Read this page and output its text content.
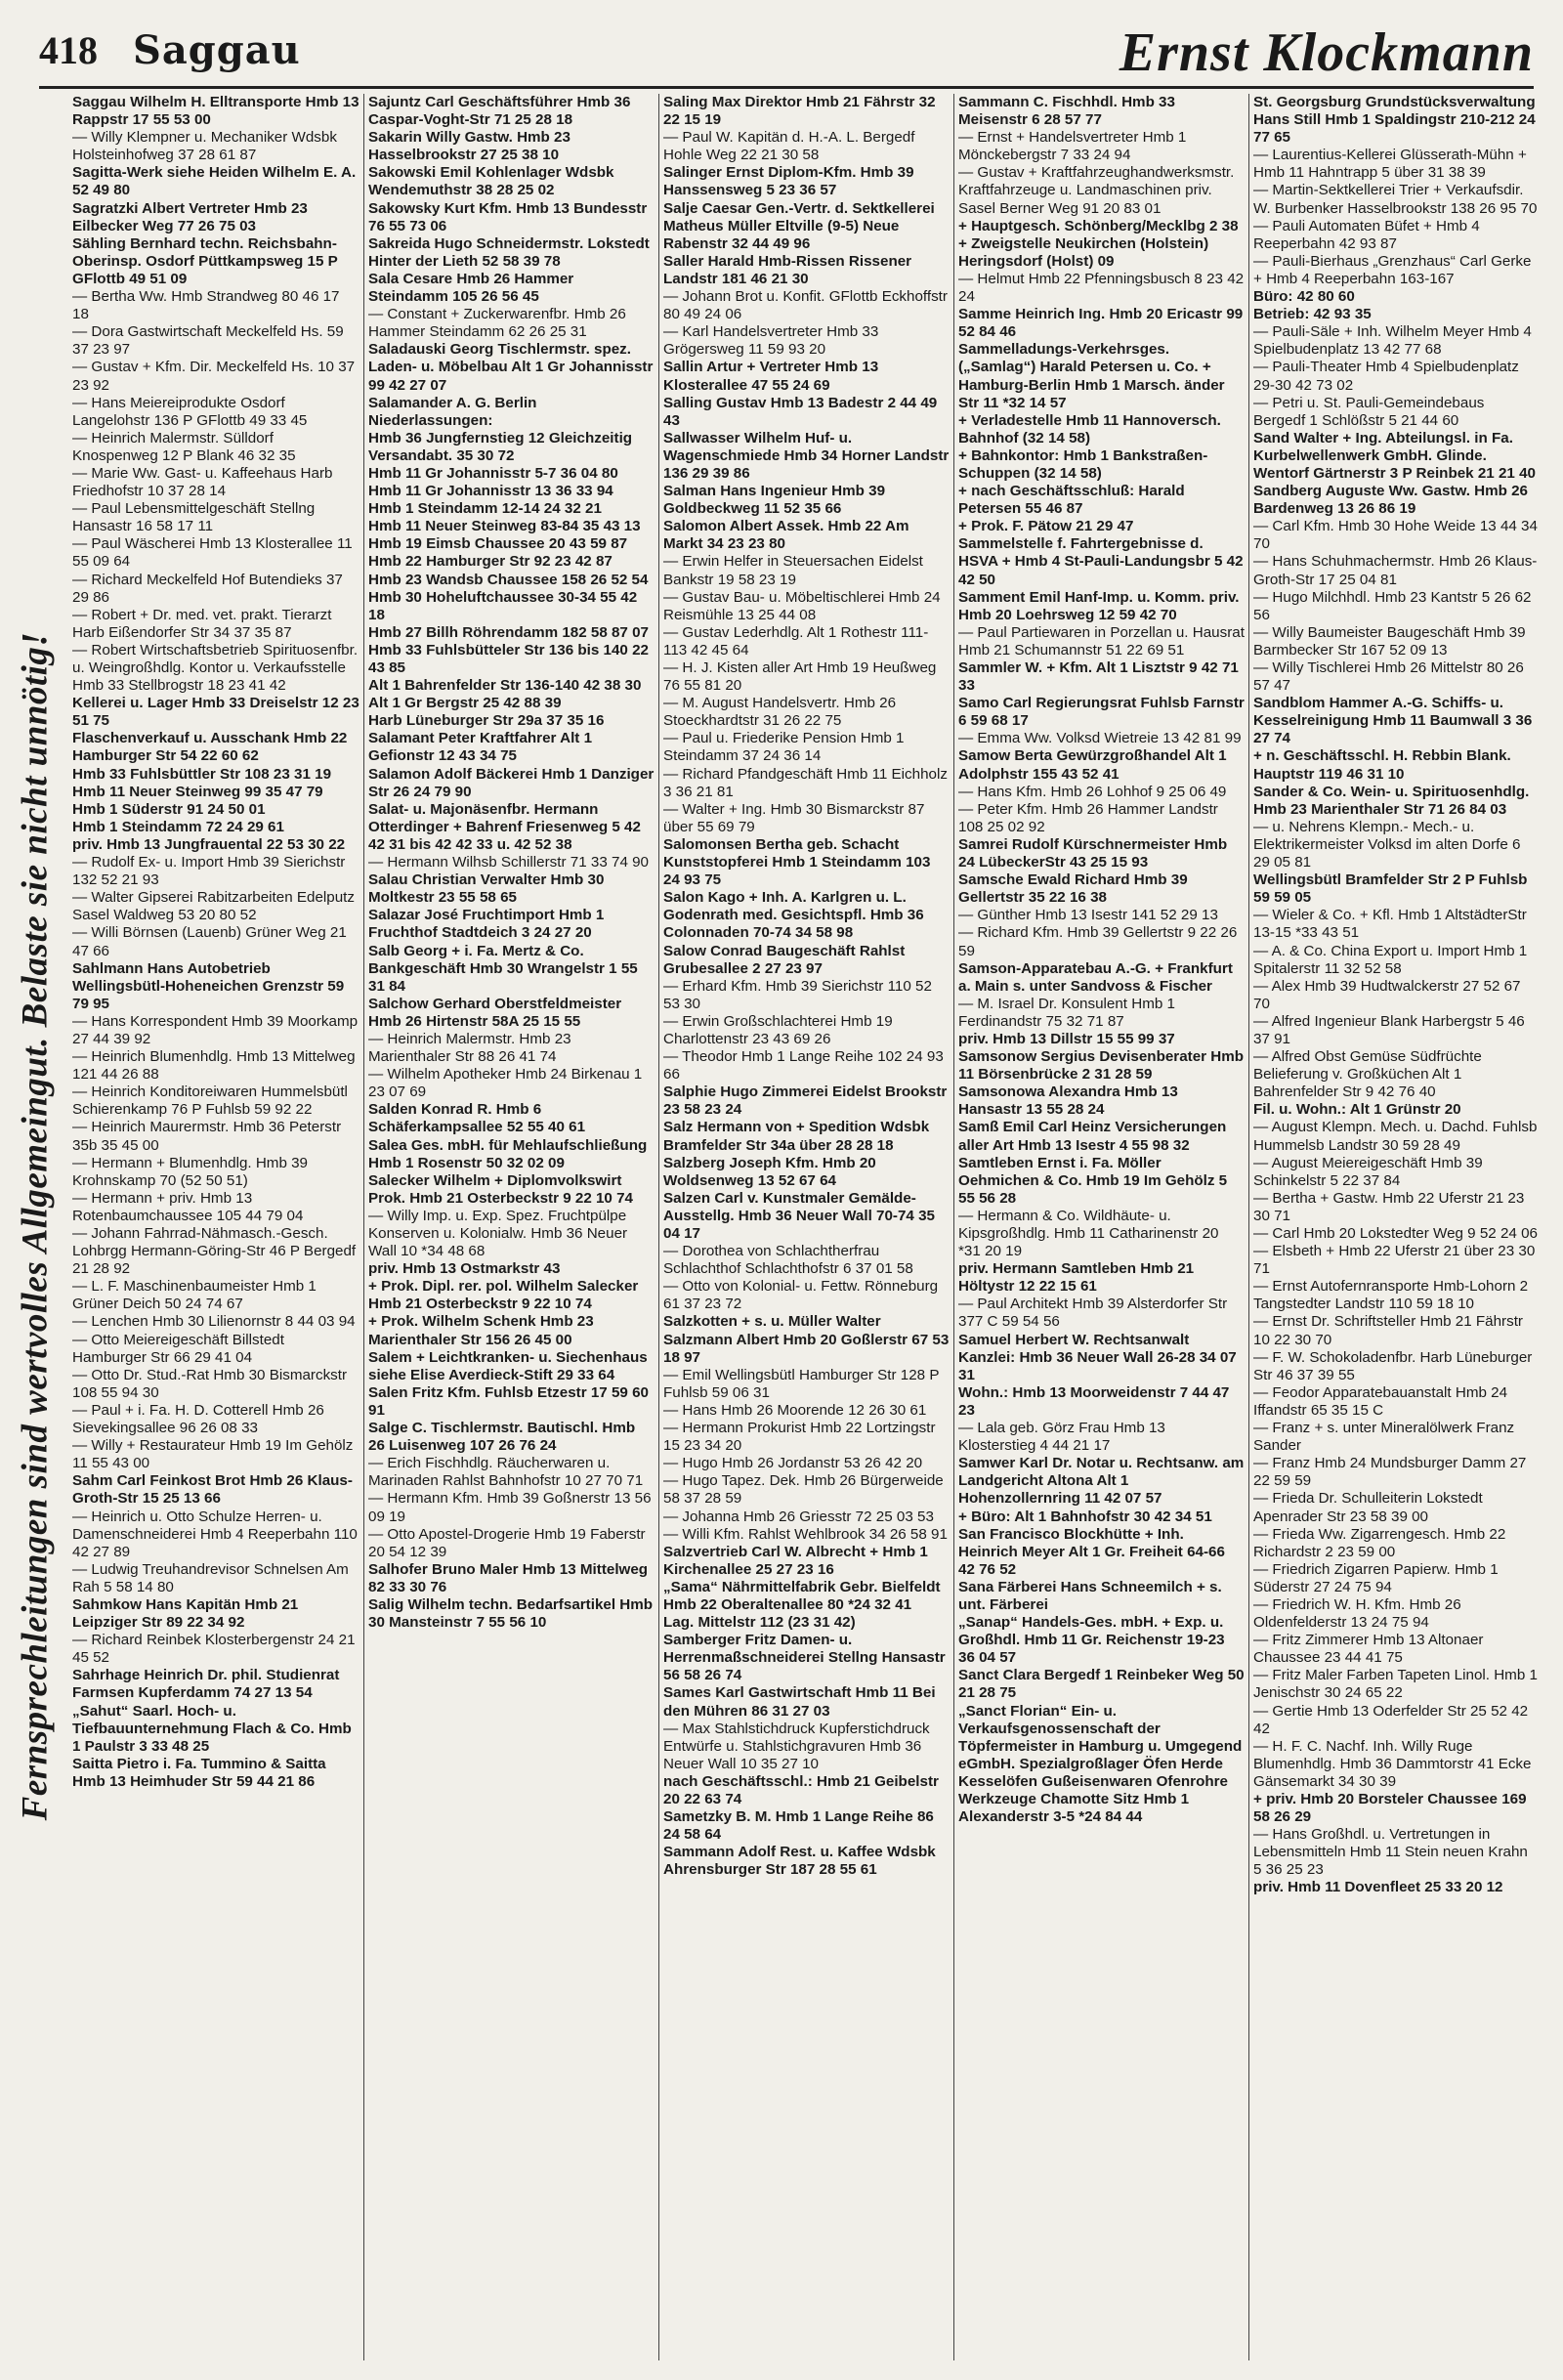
418 Saggau	Ernst Klockmann
Fernsprechleitungen sind wertvolles Allgemeingut. Belaste sie nicht unnötig!
Saggau Wilhelm H. Elltransporte Hmb 13 Rappstr 17 55 53 00
— Willy Klempner u. Mechaniker Wdsbk Holsteinhofweg 37 28 61 87
Sagitta-Werk siehe Heiden Wilhelm E. A. 52 49 80
Sagratzki Albert Vertreter Hmb 23 Eilbecker Weg 77 26 75 03
Sähling Bernhard techn. Reichsbahn-Oberinsp. Osdorf Püttkampsweg 15 P GFlottb 49 51 09
— Bertha Ww. Hmb Strandweg 80 46 17 18
— Dora Gastwirtschaft Meckelfeld Hs. 59 37 23 97
— Gustav + Kfm. Dir. Meckelfeld Hs. 10 37 23 92
— Hans Meiereiprodukte Osdorf Langelohstr 136 P GFlottb 49 33 45
— Heinrich Malermstr. Sülldorf Knospenweg 12 P Blank 46 32 35
— Marie Ww. Gast- u. Kaffeehaus Harb Friedhofstr 10 37 28 14
— Paul Lebensmittelgeschäft Stellng Hansastr 16 58 17 11
— Paul Wäscherei Hmb 13 Klosterallee 11 55 09 64
— Richard Meckelfeld Hof Butendieks 37 29 86
— Robert + Dr. med. vet. prakt. Tierarzt Harb Eißendorfer Str 34 37 35 87
— Robert Wirtschaftsbetrieb Spirituosenfbr. u. Weingroßhdlg. Kontor u. Verkaufsstelle Hmb 33 Stellbrogstr 18 23 41 42
Kellerei u. Lager Hmb 33 Dreiselstr 12 23 51 75
Flaschenverkauf u. Ausschank Hmb 22 Hamburger Str 54 22 60 62
Hmb 33 Fuhlsbüttler Str 108 23 31 19
Hmb 11 Neuer Steinweg 99 35 47 79
Hmb 1 Süderstr 91 24 50 01
Hmb 1 Steindamm 72 24 29 61
priv. Hmb 13 Jungfrauental 22 53 30 22
— Rudolf Ex- u. Import Hmb 39 Sierichstr 132 52 21 93
— Walter Gipserei Rabitzarbeiten Edelputz Sasel Waldweg 53 20 80 52
— Willi Börnsen (Lauenb) Grüner Weg 21 47 66
Sahlmann Hans Autobetrieb Wellingsbütl-Hoheneichen Grenzstr 59 79 95
— Hans Korrespondent Hmb 39 Moorkamp 27 44 39 92
— Heinrich Blumenhdlg. Hmb 13 Mittelweg 121 44 26 88
— Heinrich Konditoreiwaren Hummelsbütl Schierenkamp 76 P Fuhlsb 59 92 22
— Heinrich Maurermstr. Hmb 36 Peterstr 35b 35 45 00
— Hermann + Blumenhdlg. Hmb 39 Krohnskamp 70 (52 50 51)
— Hermann + priv. Hmb 13 Rotenbaumchaussee 105 44 79 04
— Johann Fahrrad-Nähmasch.-Gesch. Lohbrgg Hermann-Göring-Str 46 P Bergedf 21 28 92
— L. F. Maschinenbaumeister Hmb 1 Grüner Deich 50 24 74 67
— Lenchen Hmb 30 Lilienornstr 8 44 03 94
— Otto Meiereigeschäft Billstedt Hamburger Str 66 29 41 04
— Otto Dr. Stud.-Rat Hmb 30 Bismarckstr 108 55 94 30
— Paul + i. Fa. H. D. Cotterell Hmb 26 Sievekingsallee 96 26 08 33
— Willy + Restaurateur Hmb 19 Im Gehölz 11 55 43 00
Sahm Carl Feinkost Brot Hmb 26 Klaus-Groth-Str 15 25 13 66
— Heinrich u. Otto Schulze Herren- u. Damenschneiderei Hmb 4 Reeperbahn 110 42 27 89
— Ludwig Treuhandrevisor Schnelsen Am Rah 5 58 14 80
Sahmkow Hans Kapitän Hmb 21 Leipziger Str 89 22 34 92
— Richard Reinbek Klosterbergenstr 24 21 45 52
Sahrhage Heinrich Dr. phil. Studienrat Farmsen Kupferdamm 74 27 13 54
„Sahut“ Saarl. Hoch- u. Tiefbauunternehmung Flach & Co. Hmb 1 Paulstr 3 33 48 25
Saitta Pietro i. Fa. Tummino & Saitta Hmb 13 Heimhuder Str 59 44 21 86
Sajuntz Carl Geschäftsführer Hmb 36 Caspar-Voght-Str 71 25 28 18
Sakarin Willy Gastw. Hmb 23 Hasselbrookstr 27 25 38 10
Sakowski Emil Kohlenlager Wdsbk Wendemuthstr 38 28 25 02
Sakowsky Kurt Kfm. Hmb 13 Bundesstr 76 55 73 06
Sakreida Hugo Schneidermstr. Lokstedt Hinter der Lieth 52 58 39 78
Sala Cesare Hmb 26 Hammer Steindamm 105 26 56 45
— Constant + Zuckerwarenfbr. Hmb 26 Hammer Steindamm 62 26 25 31
Saladauski Georg Tischlermstr. spez. Laden- u. Möbelbau Alt 1 Gr Johannisstr 99 42 27 07
Salamander A. G. Berlin Niederlassungen:
Hmb 36 Jungfernstieg 12 Gleichzeitig Versandabt. 35 30 72
Hmb 11 Gr Johannisstr 5-7 36 04 80
Hmb 11 Gr Johannisstr 13 36 33 94
Hmb 1 Steindamm 12-14 24 32 21
Hmb 11 Neuer Steinweg 83-84 35 43 13
Hmb 19 Eimsb Chaussee 20 43 59 87
Hmb 22 Hamburger Str 92 23 42 87
Hmb 23 Wandsb Chaussee 158 26 52 54
Hmb 30 Hoheluftchaussee 30-34 55 42 18
Hmb 27 Billh Röhrendamm 182 58 87 07
Hmb 33 Fuhlsbütteler Str 136 bis 140 22 43 85
Alt 1 Bahrenfelder Str 136-140 42 38 30
Alt 1 Gr Bergstr 25 42 88 39
Harb Lüneburger Str 29a 37 35 16
Salamant Peter Kraftfahrer Alt 1 Gefionstr 12 43 34 75
Salamon Adolf Bäckerei Hmb 1 Danziger Str 26 24 79 90
Salat- u. Majonäsenfbr. Hermann Otterdinger + Bahrenf Friesenweg 5 42 42 31 bis 42 42 33 u. 42 52 38
— Hermann Wilhsb Schillerstr 71 33 74 90
Salau Christian Verwalter Hmb 30 Moltkestr 23 55 58 65
Salazar José Fruchtimport Hmb 1 Fruchthof Stadtdeich 3 24 27 20
Salb Georg + i. Fa. Mertz & Co. Bankgeschäft Hmb 30 Wrangelstr 1 55 31 84
Salchow Gerhard Oberstfeldmeister Hmb 26 Hirtenstr 58A 25 15 55
— Heinrich Malermstr. Hmb 23 Marienthaler Str 88 26 41 74
— Wilhelm Apotheker Hmb 24 Birkenau 1 23 07 69
Salden Konrad R. Hmb 6 Schäferkampsallee 52 55 40 61
Salea Ges. mbH. für Mehlaufschließung Hmb 1 Rosenstr 50 32 02 09
Salecker Wilhelm + Diplomvolkswirt Prok. Hmb 21 Osterbeckstr 9 22 10 74
— Willy Imp. u. Exp. Spez. Fruchtpülpe Konserven u. Kolonialw. Hmb 36 Neuer Wall 10 *34 48 68
priv. Hmb 13 Ostmarkstr 43
+ Prok. Dipl. rer. pol. Wilhelm Salecker Hmb 21 Osterbeckstr 9 22 10 74
+ Prok. Wilhelm Schenk Hmb 23 Marienthaler Str 156 26 45 00
Salem + Leichtkranken- u. Siechenhaus siehe Elise Averdieck-Stift 29 33 64
Salen Fritz Kfm. Fuhlsb Etzestr 17 59 60 91
Salge C. Tischlermstr. Bautischl. Hmb 26 Luisenweg 107 26 76 24
— Erich Fischhdlg. Räucherwaren u. Marinaden Rahlst Bahnhofstr 10 27 70 71
— Hermann Kfm. Hmb 39 Goßnerstr 13 56 09 19
— Otto Apostel-Drogerie Hmb 19 Faberstr 20 54 12 39
Salhofer Bruno Maler Hmb 13 Mittelweg 82 33 30 76
Salig Wilhelm techn. Bedarfsartikel Hmb 30 Mansteinstr 7 55 56 10
Saling Max Direktor Hmb 21 Fährstr 32 22 15 19
— Paul W. Kapitän d. H.-A. L. Bergedf Hohle Weg 22 21 30 58
Salinger Ernst Diplom-Kfm. Hmb 39 Hanssensweg 5 23 36 57
Salje Caesar Gen.-Vertr. d. Sektkellerei Matheus Müller Eltville (9-5) Neue Rabenstr 32 44 49 96
Saller Harald Hmb-Rissen Rissener Landstr 181 46 21 30
— Johann Brot u. Konfit. GFlottb Eckhoffstr 80 49 24 06
— Karl Handelsvertreter Hmb 33 Grögersweg 11 59 93 20
Sallin Artur + Vertreter Hmb 13 Klosterallee 47 55 24 69
Salling Gustav Hmb 13 Badestr 2 44 49 43
Sallwasser Wilhelm Huf- u. Wagenschmiede Hmb 34 Horner Landstr 136 29 39 86
Salman Hans Ingenieur Hmb 39 Goldbeckweg 11 52 35 66
Salomon Albert Assek. Hmb 22 Am Markt 34 23 23 80
— Erwin Helfer in Steuersachen Eidelst Bankstr 19 58 23 19
— Gustav Bau- u. Möbeltischlerei Hmb 24 Reismühle 13 25 44 08
— Gustav Lederhdlg. Alt 1 Rothestr 111-113 42 45 64
— H. J. Kisten aller Art Hmb 19 Heußweg 76 55 81 20
— M. August Handelsvertr. Hmb 26 Stoeckhardtstr 31 26 22 75
— Paul u. Friederike Pension Hmb 1 Steindamm 37 24 36 14
— Richard Pfandgeschäft Hmb 11 Eichholz 3 36 21 81
— Walter + Ing. Hmb 30 Bismarckstr 87 über 55 69 79
Salomonsen Bertha geb. Schacht Kunststopferei Hmb 1 Steindamm 103 24 93 75
Salon Kago + Inh. A. Karlgren u. L. Godenrath med. Gesichtspfl. Hmb 36 Colonnaden 70-74 34 58 98
Salow Conrad Baugeschäft Rahlst Grubesallee 2 27 23 97
— Erhard Kfm. Hmb 39 Sierichstr 110 52 53 30
— Erwin Großschlachterei Hmb 19 Charlottenstr 23 43 69 26
— Theodor Hmb 1 Lange Reihe 102 24 93 66
Salphie Hugo Zimmerei Eidelst Brookstr 23 58 23 24
Salz Hermann von + Spedition Wdsbk Bramfelder Str 34a über 28 28 18
Salzberg Joseph Kfm. Hmb 20 Woldsenweg 13 52 67 64
Salzen Carl v. Kunstmaler Gemälde-Ausstellg. Hmb 36 Neuer Wall 70-74 35 04 17
— Dorothea von Schlachtherfrau Schlachthof Schlachthofstr 6 37 01 58
— Otto von Kolonial- u. Fettw. Rönneburg 61 37 23 72
Salzkotten + s. u. Müller Walter
Salzmann Albert Hmb 20 Goßlerstr 67 53 18 97
— Emil Wellingsbütl Hamburger Str 128 P Fuhlsb 59 06 31
— Hans Hmb 26 Moorende 12 26 30 61
— Hermann Prokurist Hmb 22 Lortzingstr 15 23 34 20
— Hugo Hmb 26 Jordanstr 53 26 42 20
— Hugo Tapez. Dek. Hmb 26 Bürgerweide 58 37 28 59
— Johanna Hmb 26 Griesstr 72 25 03 53
— Willi Kfm. Rahlst Wehlbrook 34 26 58 91
Salzvertrieb Carl W. Albrecht + Hmb 1 Kirchenallee 25 27 23 16
„Sama“ Nährmittelfabrik Gebr. Bielfeldt Hmb 22 Oberaltenallee 80 *24 32 41
Lag. Mittelstr 112 (23 31 42)
Samberger Fritz Damen- u. Herrenmaßschneiderei Stellng Hansastr 56 58 26 74
Sames Karl Gastwirtschaft Hmb 11 Bei den Mühren 86 31 27 03
— Max Stahlstichdruck Kupferstichdruck Entwürfe u. Stahlstichgravuren Hmb 36 Neuer Wall 10 35 27 10
nach Geschäftsschl.: Hmb 21 Geibelstr 20 22 63 74
Sametzky B. M. Hmb 1 Lange Reihe 86 24 58 64
Sammann Adolf Rest. u. Kaffee Wdsbk Ahrensburger Str 187 28 55 61
Sammann C. Fischhdl. Hmb 33 Meisenstr 6 28 57 77
— Ernst + Handelsvertreter Hmb 1 Mönckebergstr 7 33 24 94
— Gustav + Kraftfahrzeughandwerksmstr. Kraftfahrzeuge u. Landmaschinen priv. Sasel Berner Weg 91 20 83 01
+ Hauptgesch. Schönberg/Mecklbg 2 38
+ Zweigstelle Neukirchen (Holstein) Heringsdorf (Holst) 09
— Helmut Hmb 22 Pfenningsbusch 8 23 42 24
Samme Heinrich Ing. Hmb 20 Ericastr 99 52 84 46
Sammelladungs-Verkehrsges. („Samlag“) Harald Petersen u. Co. + Hamburg-Berlin Hmb 1 Marsch. änder Str 11 *32 14 57
+ Verladestelle Hmb 11 Hannoversch. Bahnhof (32 14 58)
+ Bahnkontor: Hmb 1 Bankstraßen-Schuppen (32 14 58)
+ nach Geschäftsschluß: Harald Petersen 55 46 87
+ Prok. F. Pätow 21 29 47
Sammelstelle f. Fahrtergebnisse d. HSVA + Hmb 4 St-Pauli-Landungsbr 5 42 42 50
Samment Emil Hanf-Imp. u. Komm. priv. Hmb 20 Loehrsweg 12 59 42 70
— Paul Partiewaren in Porzellan u. Hausrat Hmb 21 Schumannstr 51 22 69 51
Sammler W. + Kfm. Alt 1 Lisztstr 9 42 71 33
Samo Carl Regierungsrat Fuhlsb Farnstr 6 59 68 17
— Emma Ww. Volksd Wietreie 13 42 81 99
Samow Berta Gewürzgroßhandel Alt 1 Adolphstr 155 43 52 41
— Hans Kfm. Hmb 26 Lohhof 9 25 06 49
— Peter Kfm. Hmb 26 Hammer Landstr 108 25 02 92
Samrei Rudolf Kürschnermeister Hmb 24 LübeckerStr 43 25 15 93
Samsche Ewald Richard Hmb 39 Gellertstr 35 22 16 38
— Günther Hmb 13 Isestr 141 52 29 13
— Richard Kfm. Hmb 39 Gellertstr 9 22 26 59
Samson-Apparatebau A.-G. + Frankfurt a. Main s. unter Sandvoss & Fischer
— M. Israel Dr. Konsulent Hmb 1 Ferdinandstr 75 32 71 87
priv. Hmb 13 Dillstr 15 55 99 37
Samsonow Sergius Devisenberater Hmb 11 Börsenbrücke 2 31 28 59
Samsonowa Alexandra Hmb 13 Hansastr 13 55 28 24
Samß Emil Carl Heinz Versicherungen aller Art Hmb 13 Isestr 4 55 98 32
Samtleben Ernst i. Fa. Möller Oehmichen & Co. Hmb 19 Im Gehölz 5 55 56 28
— Hermann & Co. Wildhäute- u. Kipsgroßhdlg. Hmb 11 Catharinenstr 20 *31 20 19
priv. Hermann Samtleben Hmb 21 Höltystr 12 22 15 61
— Paul Architekt Hmb 39 Alsterdorfer Str 377 C 59 54 56
Samuel Herbert W. Rechtsanwalt Kanzlei: Hmb 36 Neuer Wall 26-28 34 07 31
Wohn.: Hmb 13 Moorweidenstr 7 44 47 23
— Lala geb. Görz Frau Hmb 13 Klosterstieg 4 44 21 17
Samwer Karl Dr. Notar u. Rechtsanw. am Landgericht Altona Alt 1 Hohenzollernring 11 42 07 57
+ Büro: Alt 1 Bahnhofstr 30 42 34 51
San Francisco Blockhütte + Inh. Heinrich Meyer Alt 1 Gr. Freiheit 64-66 42 76 52
Sana Färberei Hans Schneemilch + s. unt. Färberei
„Sanap“ Handels-Ges. mbH. + Exp. u. Großhdl. Hmb 11 Gr. Reichenstr 19-23 36 04 57
Sanct Clara Bergedf 1 Reinbeker Weg 50 21 28 75
„Sanct Florian“ Ein- u. Verkaufsgenossenschaft der Töpfermeister in Hamburg u. Umgegend eGmbH. Spezialgroßlager Öfen Herde Kesselöfen Gußeisenwaren Ofenrohre Werkzeuge Chamotte Sitz Hmb 1 Alexanderstr 3-5 *24 84 44
St. Georgsburg Grundstücksverwaltung Hans Still Hmb 1 Spaldingstr 210-212 24 77 65
— Laurentius-Kellerei Glüsserath-Mühn + Hmb 11 Hahntrapp 5 über 31 38 39
— Martin-Sektkellerei Trier + Verkaufsdir. W. Burbenker Hasselbrookstr 138 26 95 70
— Pauli Automaten Büfet + Hmb 4 Reeperbahn 42 93 87
— Pauli-Bierhaus „Grenzhaus“ Carl Gerke + Hmb 4 Reeperbahn 163-167
Büro: 42 80 60
Betrieb: 42 93 35
— Pauli-Säle + Inh. Wilhelm Meyer Hmb 4 Spielbudenplatz 13 42 77 68
— Pauli-Theater Hmb 4 Spielbudenplatz 29-30 42 73 02
— Petri u. St. Pauli-Gemeindebaus Bergedf 1 Schlößstr 5 21 44 60
Sand Walter + Ing. Abteilungsl. in Fa. Kurbelwellenwerk GmbH. Glinde. Wentorf Gärtnerstr 3 P Reinbek 21 21 40
Sandberg Auguste Ww. Gastw. Hmb 26 Bardenweg 13 26 86 19
— Carl Kfm. Hmb 30 Hohe Weide 13 44 34 70
— Hans Schuhmachermstr. Hmb 26 Klaus-Groth-Str 17 25 04 81
— Hugo Milchhdl. Hmb 23 Kantstr 5 26 62 56
— Willy Baumeister Baugeschäft Hmb 39 Barmbecker Str 167 52 09 13
— Willy Tischlerei Hmb 26 Mittelstr 80 26 57 47
Sandblom Hammer A.-G. Schiffs- u. Kesselreinigung Hmb 11 Baumwall 3 36 27 74
+ n. Geschäftsschl. H. Rebbin Blank. Hauptstr 119 46 31 10
Sander & Co. Wein- u. Spirituosenhdlg. Hmb 23 Marienthaler Str 71 26 84 03
— u. Nehrens Klempn.- Mech.- u. Elektrikermeister Volksd im alten Dorfe 6 29 05 81
Wellingsbütl Bramfelder Str 2 P Fuhlsb 59 59 05
— Wieler & Co. + Kfl. Hmb 1 AltstädterStr 13-15 *33 43 51
— A. & Co. China Export u. Import Hmb 1 Spitalerstr 11 32 52 58
— Alex Hmb 39 Hudtwalckerstr 27 52 67 70
— Alfred Ingenieur Blank Harbergstr 5 46 37 91
— Alfred Obst Gemüse Südfrüchte Belieferung v. Großküchen Alt 1 Bahrenfelder Str 9 42 76 40
Fil. u. Wohn.: Alt 1 Grünstr 20
— August Klempn. Mech. u. Dachd. Fuhlsb Hummelsb Landstr 30 59 28 49
— August Meiereigeschäft Hmb 39 Schinkelstr 5 22 37 84
— Bertha + Gastw. Hmb 22 Uferstr 21 23 30 71
— Carl Hmb 20 Lokstedter Weg 9 52 24 06
— Elsbeth + Hmb 22 Uferstr 21 über 23 30 71
— Ernst Autofernransporte Hmb-Lohorn 2 Tangstedter Landstr 110 59 18 10
— Ernst Dr. Schriftsteller Hmb 21 Fährstr 10 22 30 70
— F. W. Schokoladenfbr. Harb Lüneburger Str 46 37 39 55
— Feodor Apparatebauanstalt Hmb 24 Iffandstr 65 35 15 C
— Franz + s. unter Mineralölwerk Franz Sander
— Franz Hmb 24 Mundsburger Damm 27 22 59 59
— Frieda Dr. Schulleiterin Lokstedt Apenrader Str 23 58 39 00
— Frieda Ww. Zigarrengesch. Hmb 22 Richardstr 2 23 59 00
— Friedrich Zigarren Papierw. Hmb 1 Süderstr 27 24 75 94
— Friedrich W. H. Kfm. Hmb 26 Oldenfelderstr 13 24 75 94
— Fritz Zimmerer Hmb 13 Altonaer Chaussee 23 44 41 75
— Fritz Maler Farben Tapeten Linol. Hmb 1 Jenischstr 30 24 65 22
— Gertie Hmb 13 Oderfelder Str 25 52 42 42
— H. F. C. Nachf. Inh. Willy Ruge Blumenhdlg. Hmb 36 Dammtorstr 41 Ecke Gänsemarkt 34 30 39
+ priv. Hmb 20 Borsteler Chaussee 169 58 26 29
— Hans Großhdl. u. Vertretungen in Lebensmitteln Hmb 11 Stein neuen Krahn 5 36 25 23
priv. Hmb 11 Dovenfleet 25 33 20 12
